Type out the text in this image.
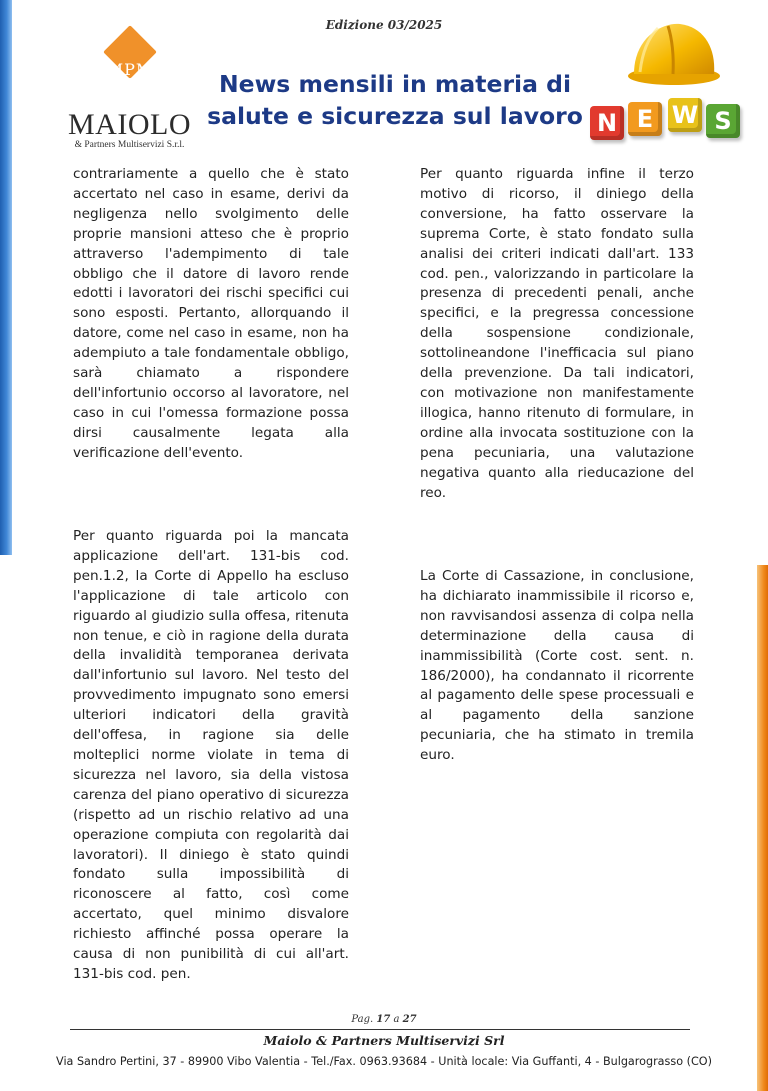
Edizione 03/2025
MPM
MAIOLO
& Partners Multiservizi S.r.l.
News mensili in materia di
salute e sicurezza sul lavoro N E W S

contrariamente a quello che è stato accertato nel caso in esame, derivi da negligenza nello svolgimento delle proprie mansioni atteso che è proprio attraverso l'adempimento di tale obbligo che il datore di lavoro rende edotti i lavoratori dei rischi specifici cui sono esposti. Pertanto, allorquando il datore, come nel caso in esame, non ha adempiuto a tale fondamentale obbligo, sarà chiamato a rispondere dell'infortunio occorso al lavoratore, nel caso in cui l'omessa formazione possa dirsi causalmente legata alla verificazione dell'evento.

Per quanto riguarda poi la mancata applicazione dell'art. 131-bis cod. pen.1.2, la Corte di Appello ha escluso l'applicazione di tale articolo con riguardo al giudizio sulla offesa, ritenuta non tenue, e ciò in ragione della durata della invalidità temporanea derivata dall'infortunio sul lavoro. Nel testo del provvedimento impugnato sono emersi ulteriori indicatori della gravità dell'offesa, in ragione sia delle molteplici norme violate in tema di sicurezza nel lavoro, sia della vistosa carenza del piano operativo di sicurezza (rispetto ad un rischio relativo ad una operazione compiuta con regolarità dai lavoratori). Il diniego è stato quindi fondato sulla impossibilità di riconoscere al fatto, così come accertato, quel minimo disvalore richiesto affinché possa operare la causa di non punibilità di cui all'art. 131-bis cod. pen.

Per quanto riguarda infine il terzo motivo di ricorso, il diniego della conversione, ha fatto osservare la suprema Corte, è stato fondato sulla analisi dei criteri indicati dall'art. 133 cod. pen., valorizzando in particolare la presenza di precedenti penali, anche specifici, e la pregressa concessione della sospensione condizionale, sottolineandone l'inefficacia sul piano della prevenzione. Da tali indicatori, con motivazione non manifestamente illogica, hanno ritenuto di formulare, in ordine alla invocata sostituzione con la pena pecuniaria, una valutazione negativa quanto alla rieducazione del reo.

La Corte di Cassazione, in conclusione, ha dichiarato inammissibile il ricorso e, non ravvisandosi assenza di colpa nella determinazione della causa di inammissibilità (Corte cost. sent. n. 186/2000), ha condannato il ricorrente al pagamento delle spese processuali e al pagamento della sanzione pecuniaria, che ha stimato in tremila euro.

Pag. 17 a 27
Maiolo & Partners Multiservizi Srl
Via Sandro Pertini, 37 - 89900 Vibo Valentia - Tel./Fax. 0963.93684 - Unità locale: Via Guffanti, 4 - Bulgarograsso (CO)
